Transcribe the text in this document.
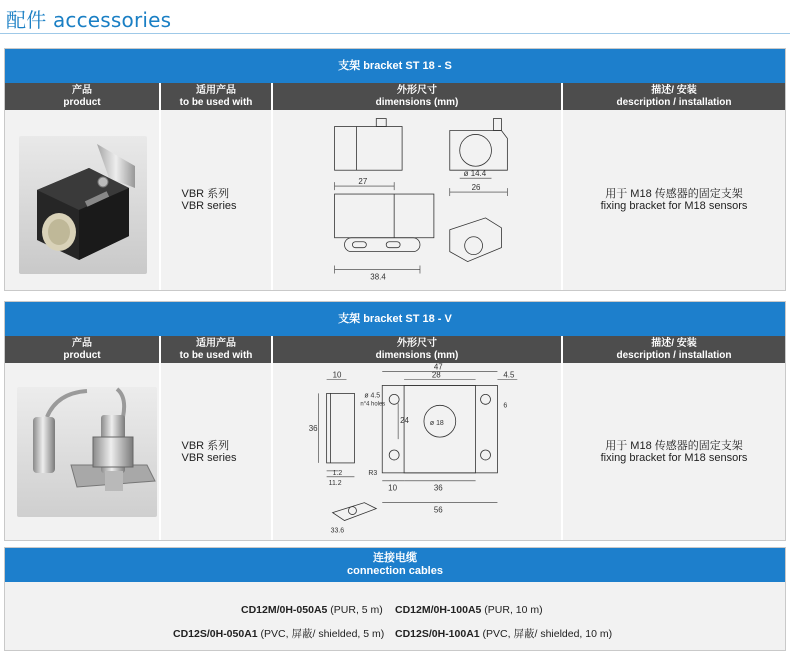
配件 accessories
支架 bracket ST 18 - S
产品
product
适用产品
to be used with
外形尺寸
dimensions (mm)
描述/ 安装
description / installation
VBR 系列
VBR series
27
38.4
ø 14.4
26
用于 M18 传感器的固定支架
fixing bracket for M18 sensors
支架 bracket ST 18 - V
产品
product
适用产品
to be used with
外形尺寸
dimensions (mm)
描述/ 安装
description / installation
VBR 系列
VBR series
10
36
1.2
11.2
28
47
4.5
24
10	36
56
R3
6
33.6
ø 4.5
n°4 holes
ø 18
用于 M18 传感器的固定支架
fixing bracket for M18 sensors
连接电缆
connection cables
CD12M/0H-050A5 (PUR, 5 m) CD12M/0H-100A5 (PUR, 10 m)
CD12S/0H-050A1 (PVC, 屏蔽/ shielded, 5 m) CD12S/0H-100A1 (PVC, 屏蔽/ shielded, 10 m)
